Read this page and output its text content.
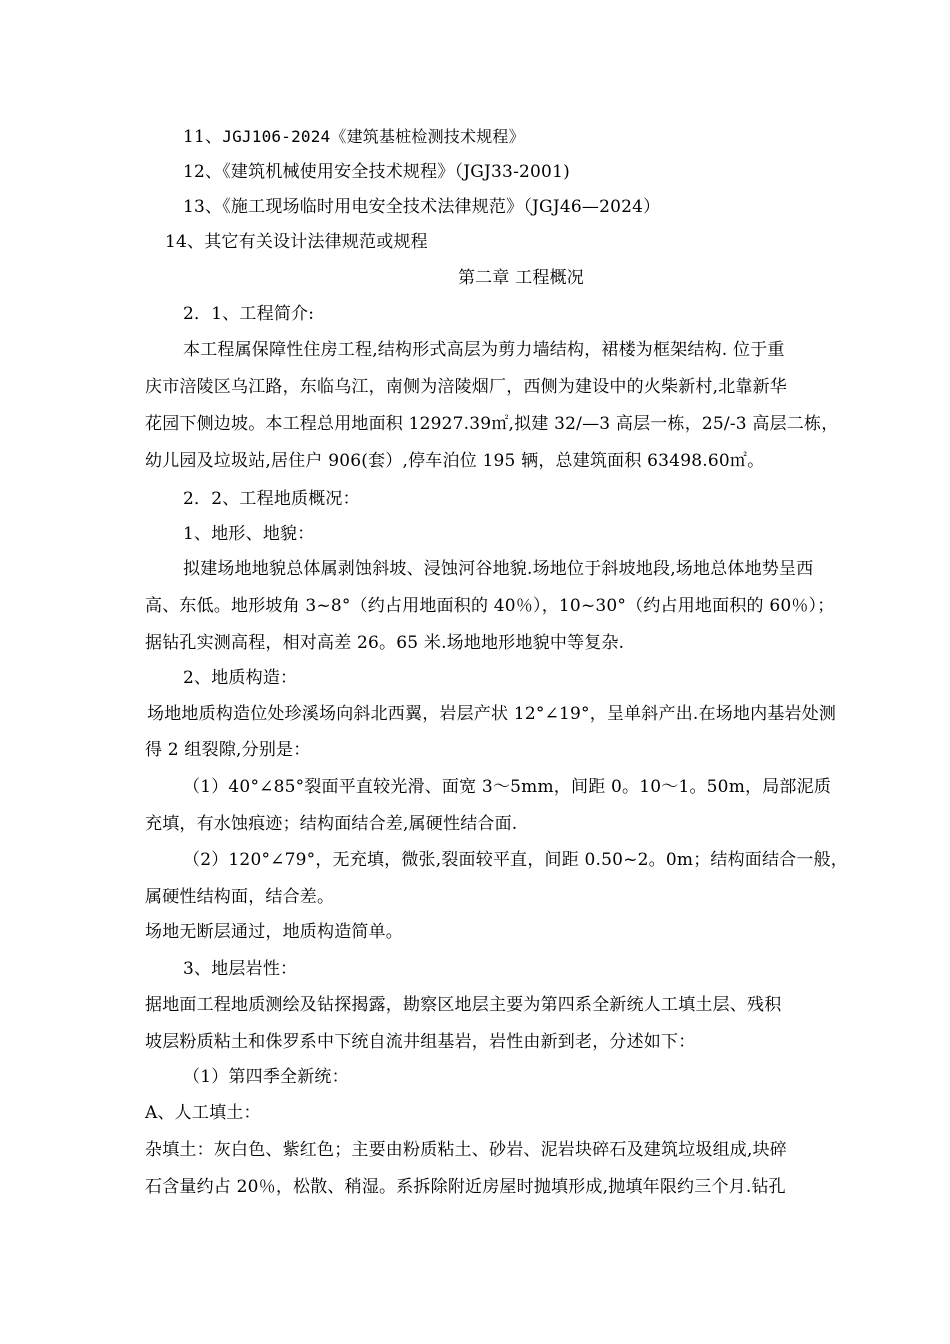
11、JGJ106-2024《建筑基桩检测技术规程》
12、《建筑机械使用安全技术规程》（JGJ33-2001)
13、《施工现场临时用电安全技术法律规范》（JGJ46—2024）
14、其它有关设计法律规范或规程
第二章 工程概况
2．1、工程简介:
本工程属保障性住房工程,结构形式高层为剪力墙结构，裙楼为框架结构. 位于重
庆市涪陵区乌江路，东临乌江，南侧为涪陵烟厂，西侧为建设中的火柴新村,北靠新华
花园下侧边坡。本工程总用地面积 12927.39㎡,拟建 32/—3 高层一栋，25/-3 高层二栋，
幼儿园及垃圾站,居住户 906(套）,停车泊位 195 辆，总建筑面积 63498.60㎡。
2．2、工程地质概况：
1、地形、地貌：
拟建场地地貌总体属剥蚀斜坡、浸蚀河谷地貌.场地位于斜坡地段,场地总体地势呈西
高、东低。地形坡角 3~8°（约占用地面积的 40％），10~30°（约占用地面积的 60％）；
据钻孔实测高程，相对高差 26。65 米.场地地形地貌中等复杂.
2、地质构造：
场地地质构造位处珍溪场向斜北西翼，岩层产状 12°∠19°，呈单斜产出.在场地内基岩处测
得 2 组裂隙,分别是：
（1）40°∠85°裂面平直较光滑、面宽 3～5mm，间距 0。10～1。50m，局部泥质
充填，有水蚀痕迹；结构面结合差,属硬性结合面.
（2）120°∠79°，无充填，微张,裂面较平直，间距 0.50~2。0m；结构面结合一般，
属硬性结构面，结合差。
场地无断层通过，地质构造简单。
3、地层岩性：
据地面工程地质测绘及钻探揭露，勘察区地层主要为第四系全新统人工填土层、残积
坡层粉质粘土和侏罗系中下统自流井组基岩，岩性由新到老，分述如下：
（1）第四季全新统：
A、人工填土：
杂填土：灰白色、紫红色；主要由粉质粘土、砂岩、泥岩块碎石及建筑垃圾组成,块碎
石含量约占 20％，松散、稍湿。系拆除附近房屋时抛填形成,抛填年限约三个月.钻孔
